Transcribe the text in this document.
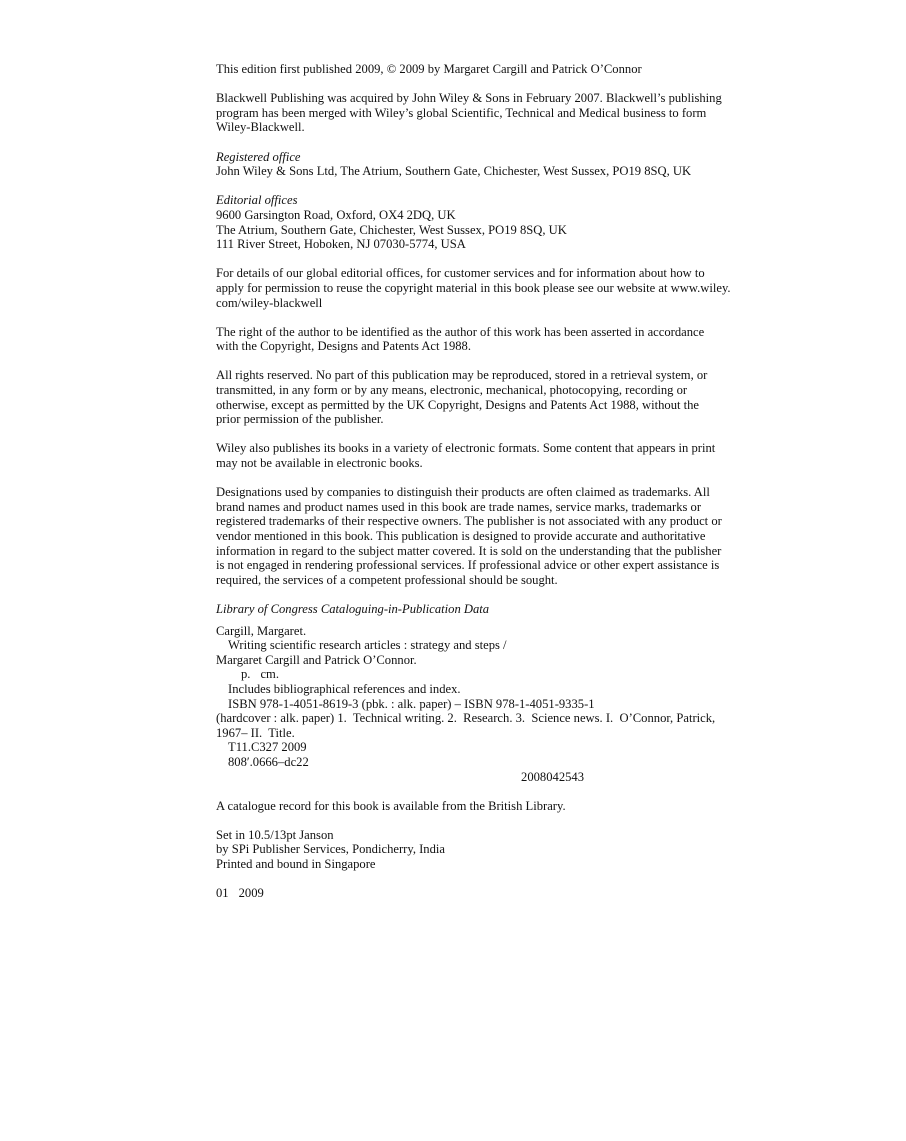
This edition first published 2009, © 2009 by Margaret Cargill and Patrick O’Connor

Blackwell Publishing was acquired by John Wiley & Sons in February 2007. Blackwell’s publishing
program has been merged with Wiley’s global Scientific, Technical and Medical business to form
Wiley-Blackwell.

Registered office
John Wiley & Sons Ltd, The Atrium, Southern Gate, Chichester, West Sussex, PO19 8SQ, UK

Editorial offices
9600 Garsington Road, Oxford, OX4 2DQ, UK
The Atrium, Southern Gate, Chichester, West Sussex, PO19 8SQ, UK
111 River Street, Hoboken, NJ 07030-5774, USA

For details of our global editorial offices, for customer services and for information about how to
apply for permission to reuse the copyright material in this book please see our website at www.wiley.
com/wiley-blackwell

The right of the author to be identified as the author of this work has been asserted in accordance
with the Copyright, Designs and Patents Act 1988.

All rights reserved. No part of this publication may be reproduced, stored in a retrieval system, or
transmitted, in any form or by any means, electronic, mechanical, photocopying, recording or
otherwise, except as permitted by the UK Copyright, Designs and Patents Act 1988, without the
prior permission of the publisher.

Wiley also publishes its books in a variety of electronic formats. Some content that appears in print
may not be available in electronic books.

Designations used by companies to distinguish their products are often claimed as trademarks. All
brand names and product names used in this book are trade names, service marks, trademarks or
registered trademarks of their respective owners. The publisher is not associated with any product or
vendor mentioned in this book. This publication is designed to provide accurate and authoritative
information in regard to the subject matter covered. It is sold on the understanding that the publisher
is not engaged in rendering professional services. If professional advice or other expert assistance is
required, the services of a competent professional should be sought.

Library of Congress Cataloguing-in-Publication Data

Cargill, Margaret.
Writing scientific research articles : strategy and steps /
Margaret Cargill and Patrick O’Connor.
p. cm.
Includes bibliographical references and index.
ISBN 978-1-4051-8619-3 (pbk. : alk. paper) – ISBN 978-1-4051-9335-1
(hardcover : alk. paper) 1.  Technical writing. 2.  Research. 3.  Science news. I.  O’Connor, Patrick,
1967– II.  Title.
T11.C327 2009
808′.0666–dc22
2008042543

A catalogue record for this book is available from the British Library.

Set in 10.5/13pt Janson
by SPi Publisher Services, Pondicherry, India
Printed and bound in Singapore

01 2009
